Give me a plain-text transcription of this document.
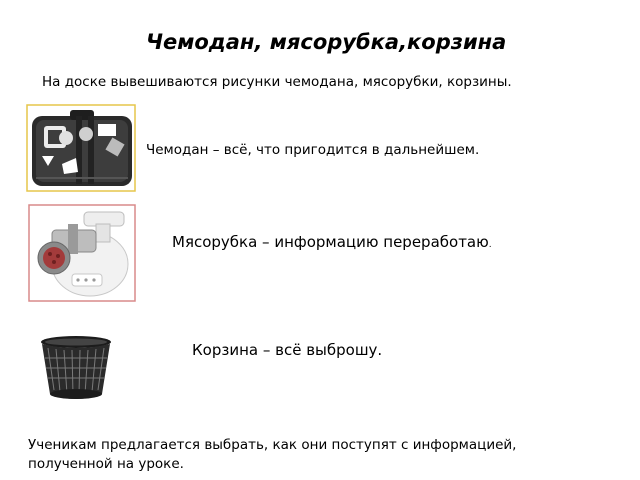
Чемодан, мясорубка,корзина
На доске вывешиваются рисунки чемодана, мясорубки, корзины.
Чемодан – всё, что пригодится в дальнейшем.
Мясорубка – информацию переработаю.
Корзина – всё выброшу.
Ученикам предлагается выбрать, как они поступят с информацией, полученной на уроке.
